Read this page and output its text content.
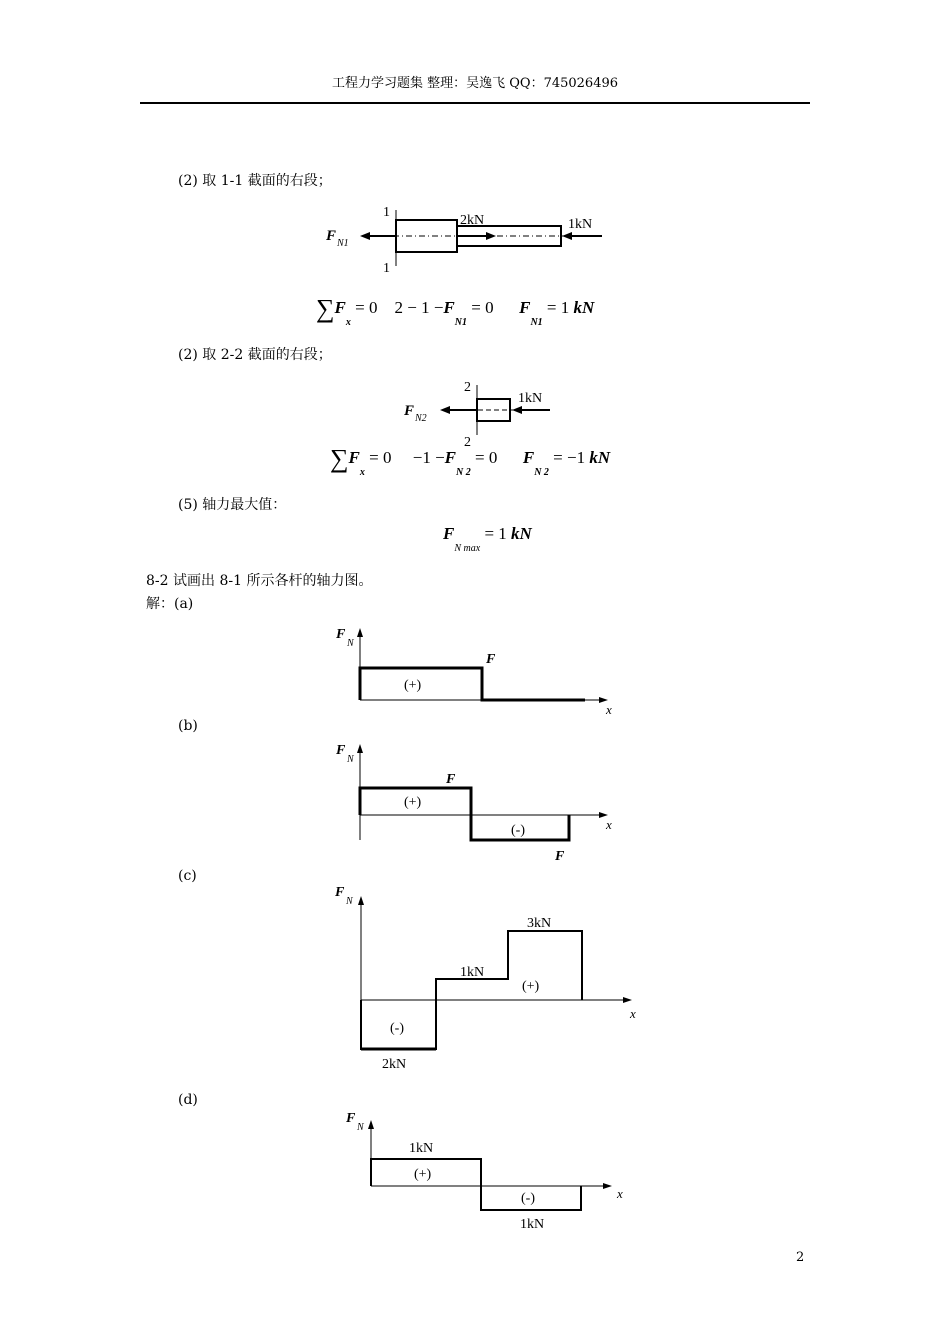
工程力学习题集 整理：吴逸飞 QQ：745026496
(2) 取 1-1 截面的右段；
1
1
F N1
2kN	1kN
$\sum F_x = 0$ $2 - 1 -F_{N1} = 0$ $F_{N1} = 1$ kN
(2) 取 2-2 截面的右段；
2
2
F N2
1kN
$\sum F_x = 0 -1 -F_{N 2} = 0$ $F_{N 2} = -1$ kN
(5) 轴力最大值：
$F_{N max} = 1$ kN
8-2 试画出 8-1 所示各杆的轴力图。
解：(a)
F
N
x
(+)
F
(b)
F
N
x
(+)
(-)
F
F
(c)
F
N
x
(-)
(+)
2kN
1kN
3kN
(d)
F
N
x
(+)
(-)
1kN
1kN
2
